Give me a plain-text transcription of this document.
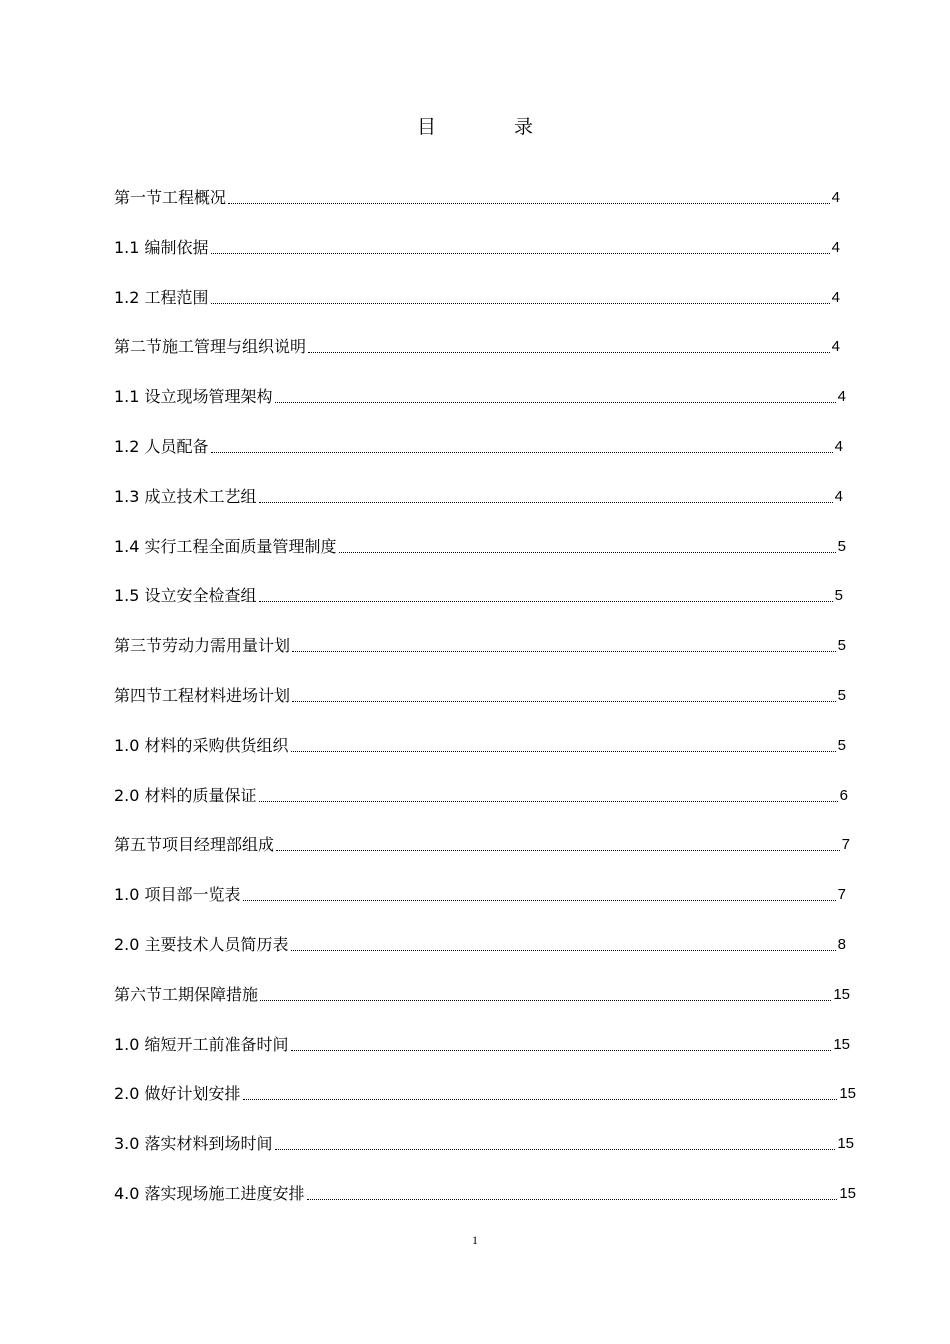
目 录
第一节工程概况	4
1.1 编制依据	4
1.2 工程范围	4
第二节施工管理与组织说明	4
1.1 设立现场管理架构	4
1.2 人员配备	4
1.3 成立技术工艺组	4
1.4 实行工程全面质量管理制度	5
1.5 设立安全检查组	5
第三节劳动力需用量计划	5
第四节工程材料进场计划	5
1.0 材料的采购供货组织	5
2.0 材料的质量保证	6
第五节项目经理部组成	7
1.0 项目部一览表	7
2.0 主要技术人员简历表	8
第六节工期保障措施	15
1.0 缩短开工前准备时间	15
2.0 做好计划安排	15
3.0 落实材料到场时间	15
4.0 落实现场施工进度安排	15
1
